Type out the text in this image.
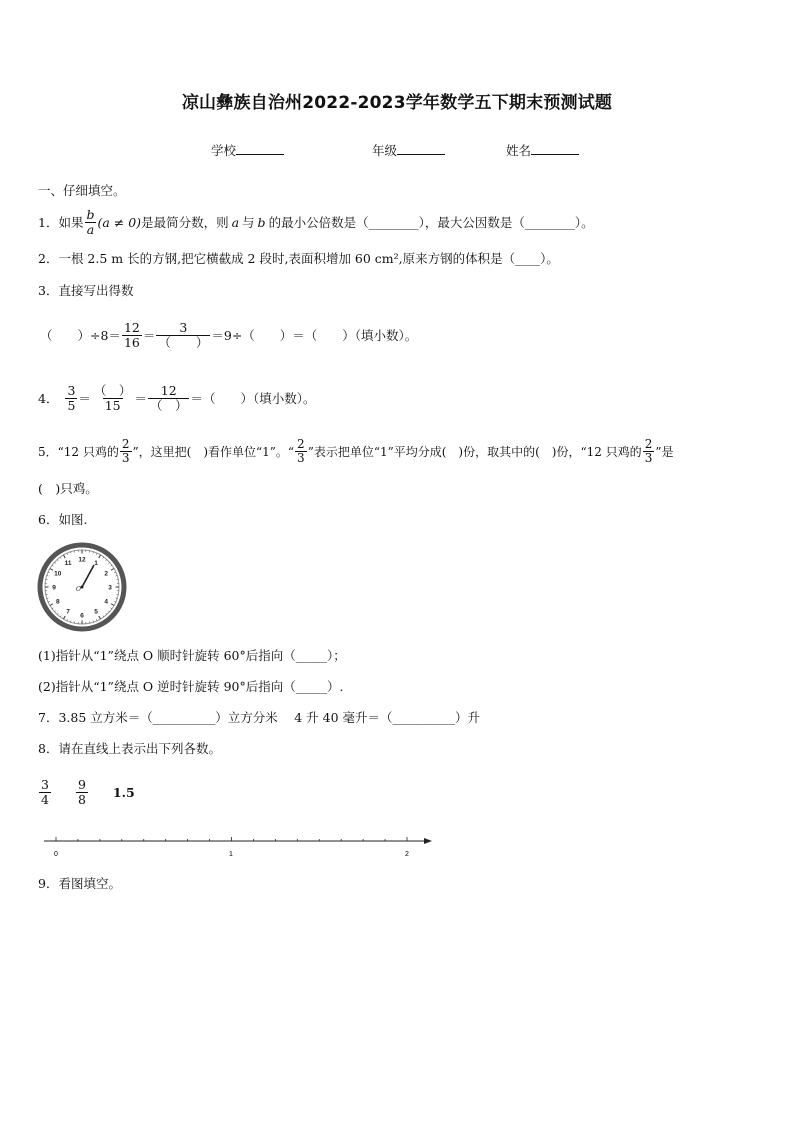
凉山彝族自治州2022-2023学年数学五下期末预测试题
学校	年级	姓名
一、仔细填空。
1．如果 $\frac{b}{a} (a \ne 0)$ 是最简分数，则 a 与 b 的最小公倍数是（________），最大公因数是（________）。
2．一根 2.5 m 长的方钢,把它横截成 2 段时,表面积增加 60 cm²,原来方钢的体积是（____）。
3．直接写出得数
（　　）$\div 8= \frac{12}{16} = \frac{3}{( )} =9\div$（　　）＝（　　）（填小数）。
4． $\frac{3}{5} = \frac{( )}{15} = \frac{12}{( )}$ ＝（　　）（填小数）。
5．“12 只鸡的 $\frac{2}{3}$ ”，这里把(　)看作单位“1”。“ $\frac{2}{3}$ ”表示把单位“1”平均分成(　)份，取其中的(　)份，“12 只鸡的 $\frac{2}{3}$ ”是
(　)只鸡。
6．如图.
12
1
2
3
4
5
6
7
8
9
10
11
O
(1)指针从“1”绕点 O 顺时针旋转 60°后指向（_____）；
(2)指针从“1”绕点 O 逆时针旋转 90°后指向（_____）.
7．3.85 立方米＝（__________）立方分米　 4 升 40 毫升＝（__________）升
8．请在直线上表示出下列各数。
$\frac{3}{4} \frac{9}{8} 1.5$
0	1	2
9．看图填空。
